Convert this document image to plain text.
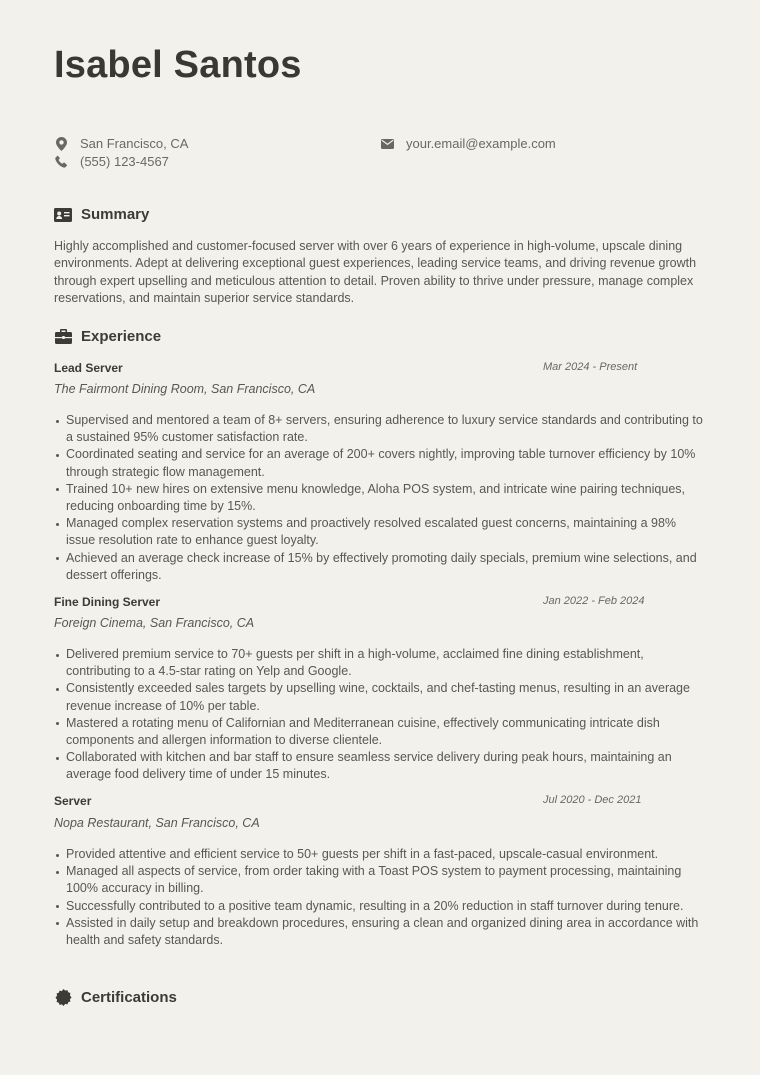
Isabel Santos
San Francisco, CA
(555) 123-4567
your.email@example.com
Summary

Highly accomplished and customer-focused server with over 6 years of experience in high-volume, upscale dining environments. Adept at delivering exceptional guest experiences, leading service teams, and driving revenue growth through expert upselling and meticulous attention to detail. Proven ability to thrive under pressure, manage complex reservations, and maintain superior service standards.

Experience
Lead Server	Mar 2024 - Present
The Fairmont Dining Room, San Francisco, CA
Supervised and mentored a team of 8+ servers, ensuring adherence to luxury service standards and contributing to a sustained 95% customer satisfaction rate.
Coordinated seating and service for an average of 200+ covers nightly, improving table turnover efficiency by 10% through strategic flow management.
Trained 10+ new hires on extensive menu knowledge, Aloha POS system, and intricate wine pairing techniques, reducing onboarding time by 15%.
Managed complex reservation systems and proactively resolved escalated guest concerns, maintaining a 98% issue resolution rate to enhance guest loyalty.
Achieved an average check increase of 15% by effectively promoting daily specials, premium wine selections, and dessert offerings.
Fine Dining Server	Jan 2022 - Feb 2024
Foreign Cinema, San Francisco, CA
Delivered premium service to 70+ guests per shift in a high-volume, acclaimed fine dining establishment, contributing to a 4.5-star rating on Yelp and Google.
Consistently exceeded sales targets by upselling wine, cocktails, and chef-tasting menus, resulting in an average revenue increase of 10% per table.
Mastered a rotating menu of Californian and Mediterranean cuisine, effectively communicating intricate dish components and allergen information to diverse clientele.
Collaborated with kitchen and bar staff to ensure seamless service delivery during peak hours, maintaining an average food delivery time of under 15 minutes.
Server	Jul 2020 - Dec 2021
Nopa Restaurant, San Francisco, CA
Provided attentive and efficient service to 50+ guests per shift in a fast-paced, upscale-casual environment.
Managed all aspects of service, from order taking with a Toast POS system to payment processing, maintaining 100% accuracy in billing.
Successfully contributed to a positive team dynamic, resulting in a 20% reduction in staff turnover during tenure.
Assisted in daily setup and breakdown procedures, ensuring a clean and organized dining area in accordance with health and safety standards.
Certifications
